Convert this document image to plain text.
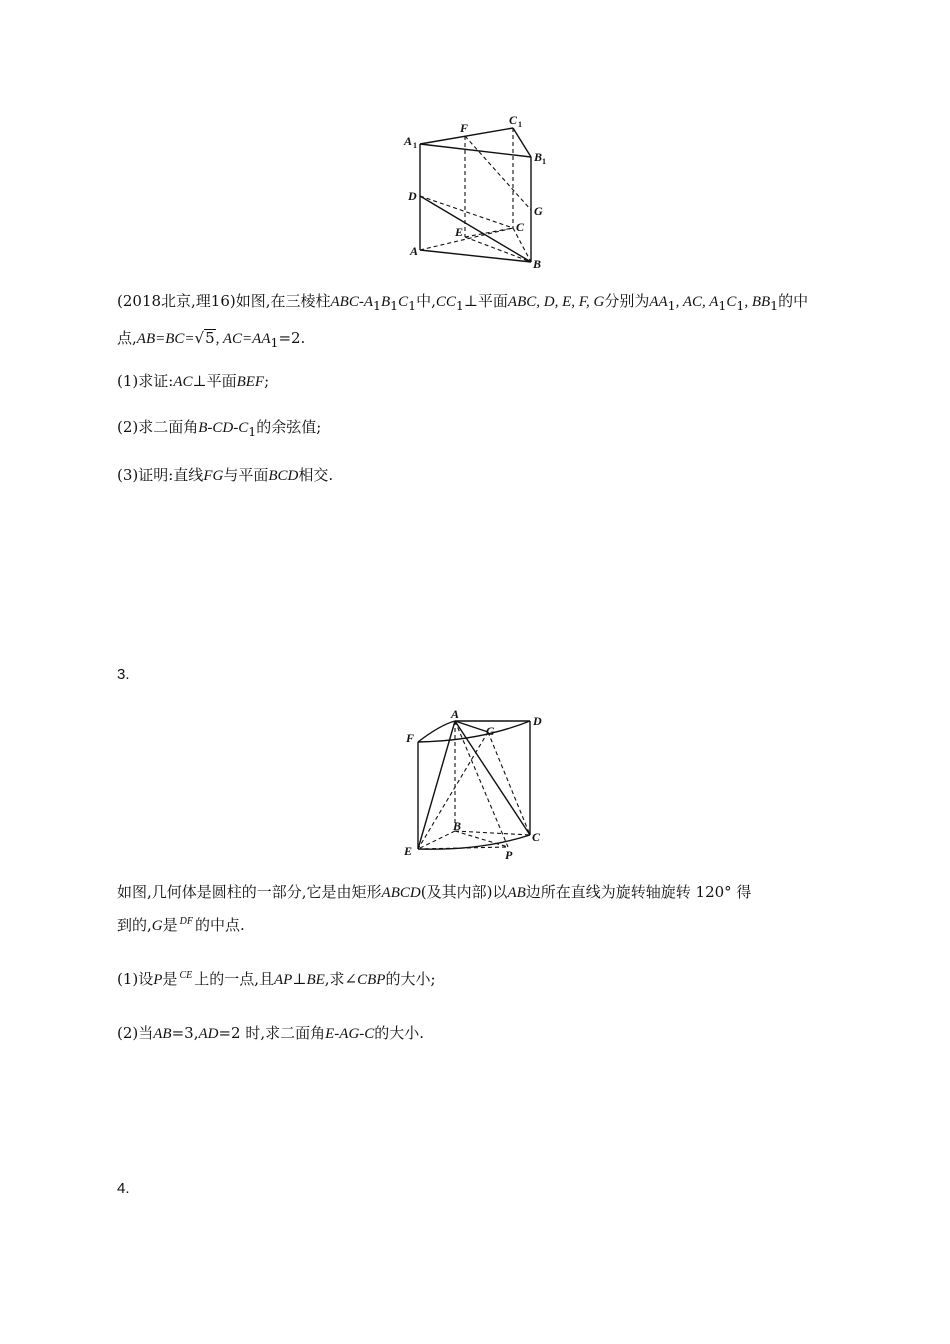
A 1
F
C 1
B 1
D
G
C
E
A
B

(2018北京,理16)如图,在三棱柱ABC-$A_1B_1C_1$中$,CC_1\perp$平面ABC, D, E, F, G分别为$AA_1$, AC, $A_1C_1$, $BB_1$的中
点,AB=BC=√5, $AC=AA_1=2$.

(1)求证:AC⊥平面BEF;

(2)求二面角$B-CD-C_1$的余弦值;

(3)证明:直线FG与平面BCD相交.

3.
A	D
F	G
B
C
E	P

如图,几何体是圆柱的一部分,它是由矩形ABCD(及其内部)以AB边所在直线为旋转轴旋转 120° 得
到的,G是 $^{DF}$ 的中点.

(1)设P是 $^{CE}$ 上的一点,且AP⊥BE,求∠CBP的大小;

(2)当AB=3,AD=2 时,求二面角E-AG-C的大小.

4.
